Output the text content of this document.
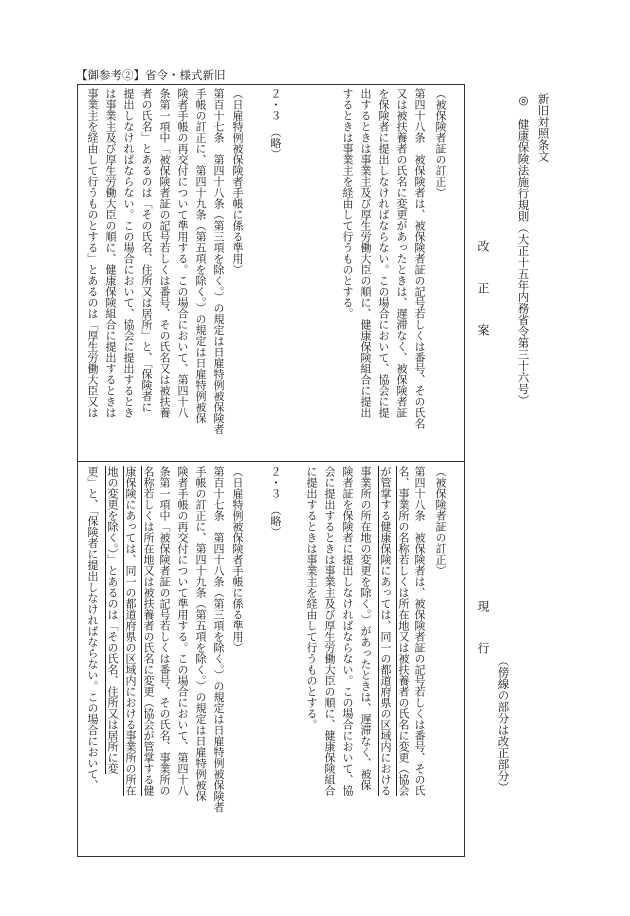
【御参考②】省令・様式新旧
新旧対照条文
◎　健康保険法施行規則（大正十五年内務省令第三十六号）
（傍線の部分は改正部分）
改正案
現行
（被保険者証の訂正）
第四十八条　被保険者は、被保険者証の記号若しくは番号、その氏名
又は被扶養者の氏名に変更があったときは、遅滞なく、被保険者証
を保険者に提出しなければならない。この場合において、協会に提
出するときは事業主及び厚生労働大臣の順に、健康保険組合に提出
するときは事業主を経由して行うものとする。
２・３　（略）
（日雇特例被保険者手帳に係る準用）
第百十七条　第四十八条（第三項を除く。）の規定は日雇特例被保険者
手帳の訂正に、第四十九条（第五項を除く。）の規定は日雇特例被保
険者手帳の再交付について準用する。この場合において、第四十八
条第一項中「被保険者証の記号若しくは番号、その氏名又は被扶養
者の氏名」とあるのは「その氏名、住所又は居所」と、「保険者に
提出しなければならない。この場合において、協会に提出するとき
は事業主及び厚生労働大臣の順に、健康保険組合に提出するときは
事業主を経由して行うものとする」とあるのは「厚生労働大臣又は
（被保険者証の訂正）
第四十八条　被保険者は、被保険者証の記号若しくは番号、その氏
名、事業所の名称若しくは所在地又は被扶養者の氏名に変更（協会
が管掌する健康保険にあっては、同一の都道府県の区域内における
事業所の所在地の変更を除く。）があったときは、遅滞なく、被保
険者証を保険者に提出しなければならない。この場合において、協
会に提出するときは事業主及び厚生労働大臣の順に、健康保険組合
に提出するときは事業主を経由して行うものとする。
２・３　（略）
（日雇特例被保険者手帳に係る準用）
第百十七条　第四十八条（第三項を除く。）の規定は日雇特例被保険者
手帳の訂正に、第四十九条（第五項を除く。）の規定は日雇特例被保
険者手帳の再交付について準用する。この場合において、第四十八
条第一項中「被保険者証の記号若しくは番号、その氏名、事業所の
名称若しくは所在地又は被扶養者の氏名に変更（協会が管掌する健
康保険にあっては、同一の都道府県の区域内における事業所の所在
地の変更を除く。）」とあるのは「その氏名、住所又は居所に変
更」と、「保険者に提出しなければならない。この場合において、
